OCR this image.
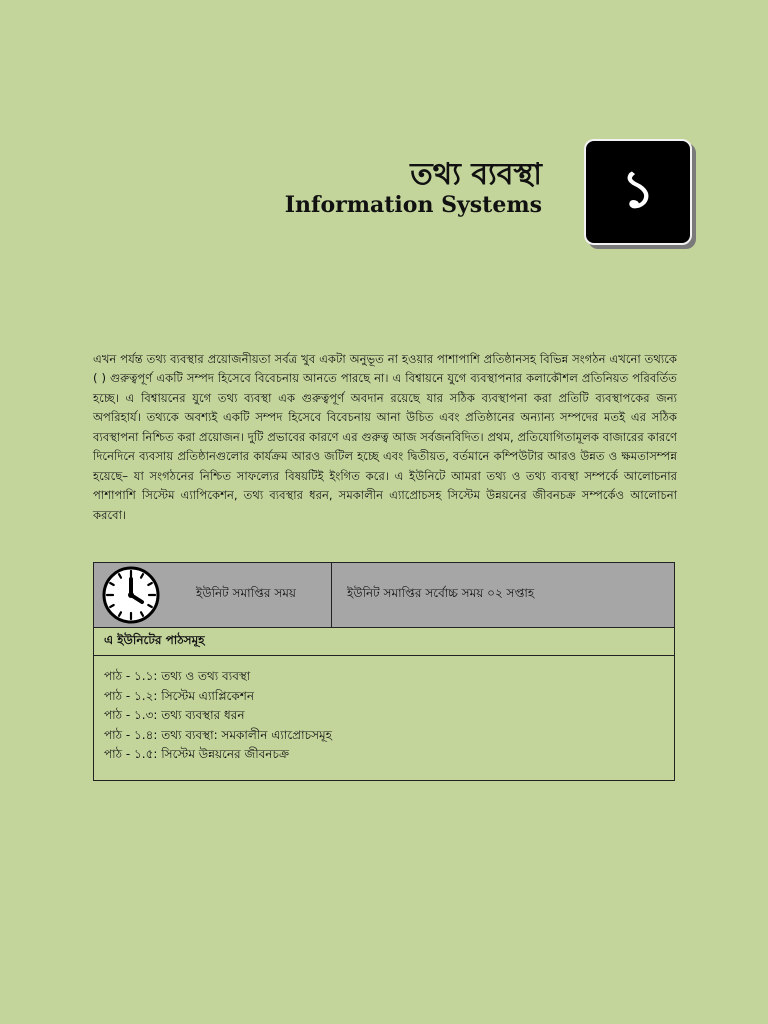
তথ্য ব্যবস্থা
Information Systems ১

এখন পর্যন্ত তথ্য ব্যবস্থার প্রয়োজনীয়তা সর্বত্র খুব একটা অনুভূত না হওয়ার পাশাপাশি প্রতিষ্ঠানসহ বিভিন্ন সংগঠন এখনো তথ্যকে ( ) গুরুত্বপূর্ণ একটি সম্পদ হিসেবে বিবেচনায় আনতে পারছে না। এ বিশ্বায়নে যুগে ব্যবস্থাপনার কলাকৌশল প্রতিনিয়ত পরিবর্তিত হচ্ছে। এ বিশ্বায়নের যুগে তথ্য ব্যবস্থা এক গুরুত্বপূর্ণ অবদান রয়েছে যার সঠিক ব্যবস্থাপনা করা প্রতিটি ব্যবস্থাপকের জন্য অপরিহার্য। তথ্যকে অবশ্যই একটি সম্পদ হিসেবে বিবেচনায় আনা উচিত এবং প্রতিষ্ঠানের অন্যান্য সম্পদের মতই এর সঠিক ব্যবস্থাপনা নিশ্চিত করা প্রয়োজন। দুটি প্রভাবের কারণে এর গুরুত্ব আজ সর্বজনবিদিত। প্রথম, প্রতিযোগিতামূলক বাজারের কারণে দিনেদিনে ব্যবসায় প্রতিষ্ঠানগুলোর কার্যক্রম আরও জটিল হচ্ছে এবং দ্বিতীয়ত, বর্তমানে কম্পিউটার আরও উন্নত ও ক্ষমতাসম্পন্ন হয়েছে– যা সংগঠনের নিশ্চিত সাফল্যের বিষয়টিই ইংগিত করে। এ ইউনিটে আমরা তথ্য ও তথ্য ব্যবস্থা সম্পর্কে আলোচনার পাশাপাশি সিস্টেম এ্যাপিকেশন, তথ্য ব্যবস্থার ধরন, সমকালীন এ্যাপ্রোচসহ সিস্টেম উন্নয়নের জীবনচক্র সম্পর্কেও আলোচনা করবো।

ইউনিট সমাপ্তির সময়	ইউনিট সমাপ্তির সর্বোচ্চ সময় ০২ সপ্তাহ
এ ইউনিটের পাঠসমূহ
পাঠ - ১.১: তথ্য ও তথ্য ব্যবস্থা
পাঠ - ১.২: সিস্টেম এ্যাপ্লিকেশন
পাঠ - ১.৩: তথ্য ব্যবস্থার ধরন
পাঠ - ১.৪: তথ্য ব্যবস্থা: সমকালীন এ্যাপ্রোচসমূহ
পাঠ - ১.৫: সিস্টেম উন্নয়নের জীবনচক্র
